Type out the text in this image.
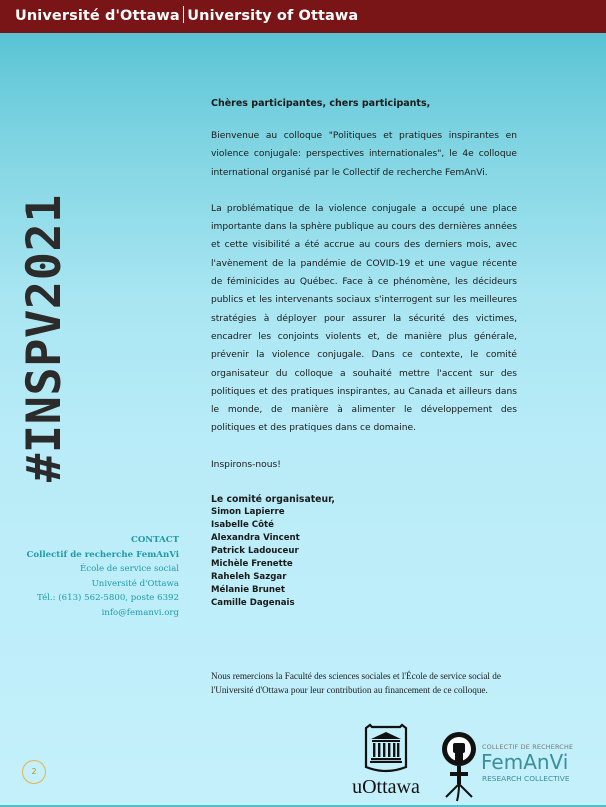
Université d'Ottawa University of Ottawa
#INSPV2021
Chères participantes, chers participants,

Bienvenue au colloque "Politiques et pratiques inspirantes en violence conjugale: perspectives internationales", le 4e colloque international organisé par le Collectif de recherche FemAnVi.

La problématique de la violence conjugale a occupé une place importante dans la sphère publique au cours des dernières années et cette visibilité a été accrue au cours des derniers mois, avec l'avènement de la pandémie de COVID-19 et une vague récente de féminicides au Québec. Face à ce phénomène, les décideurs publics et les intervenants sociaux s'interrogent sur les meilleures stratégies à déployer pour assurer la sécurité des victimes, encadrer les conjoints violents et, de manière plus générale, prévenir la violence conjugale. Dans ce contexte, le comité organisateur du colloque a souhaité mettre l'accent sur des politiques et des pratiques inspirantes, au Canada et ailleurs dans le monde, de manière à alimenter le développement des politiques et des pratiques dans ce domaine.

Inspirons-nous!

Le comité organisateur,
Simon Lapierre
Isabelle Côté
Alexandra Vincent
Patrick Ladouceur
Michèle Frenette
Raheleh Sazgar
Mélanie Brunet
Camille Dagenais
Nous remercions la Faculté des sciences sociales et l'École de service social de l'Université d'Ottawa pour leur contribution au financement de ce colloque.
CONTACT
Collectif de recherche FemAnVi
École de service social
Université d'Ottawa
Tél.: (613) 562-5800, poste 6392
info@femanvi.org
2
uOttawa
COLLECTIF DE RECHERCHE
FemAnVi
RESEARCH COLLECTIVE
